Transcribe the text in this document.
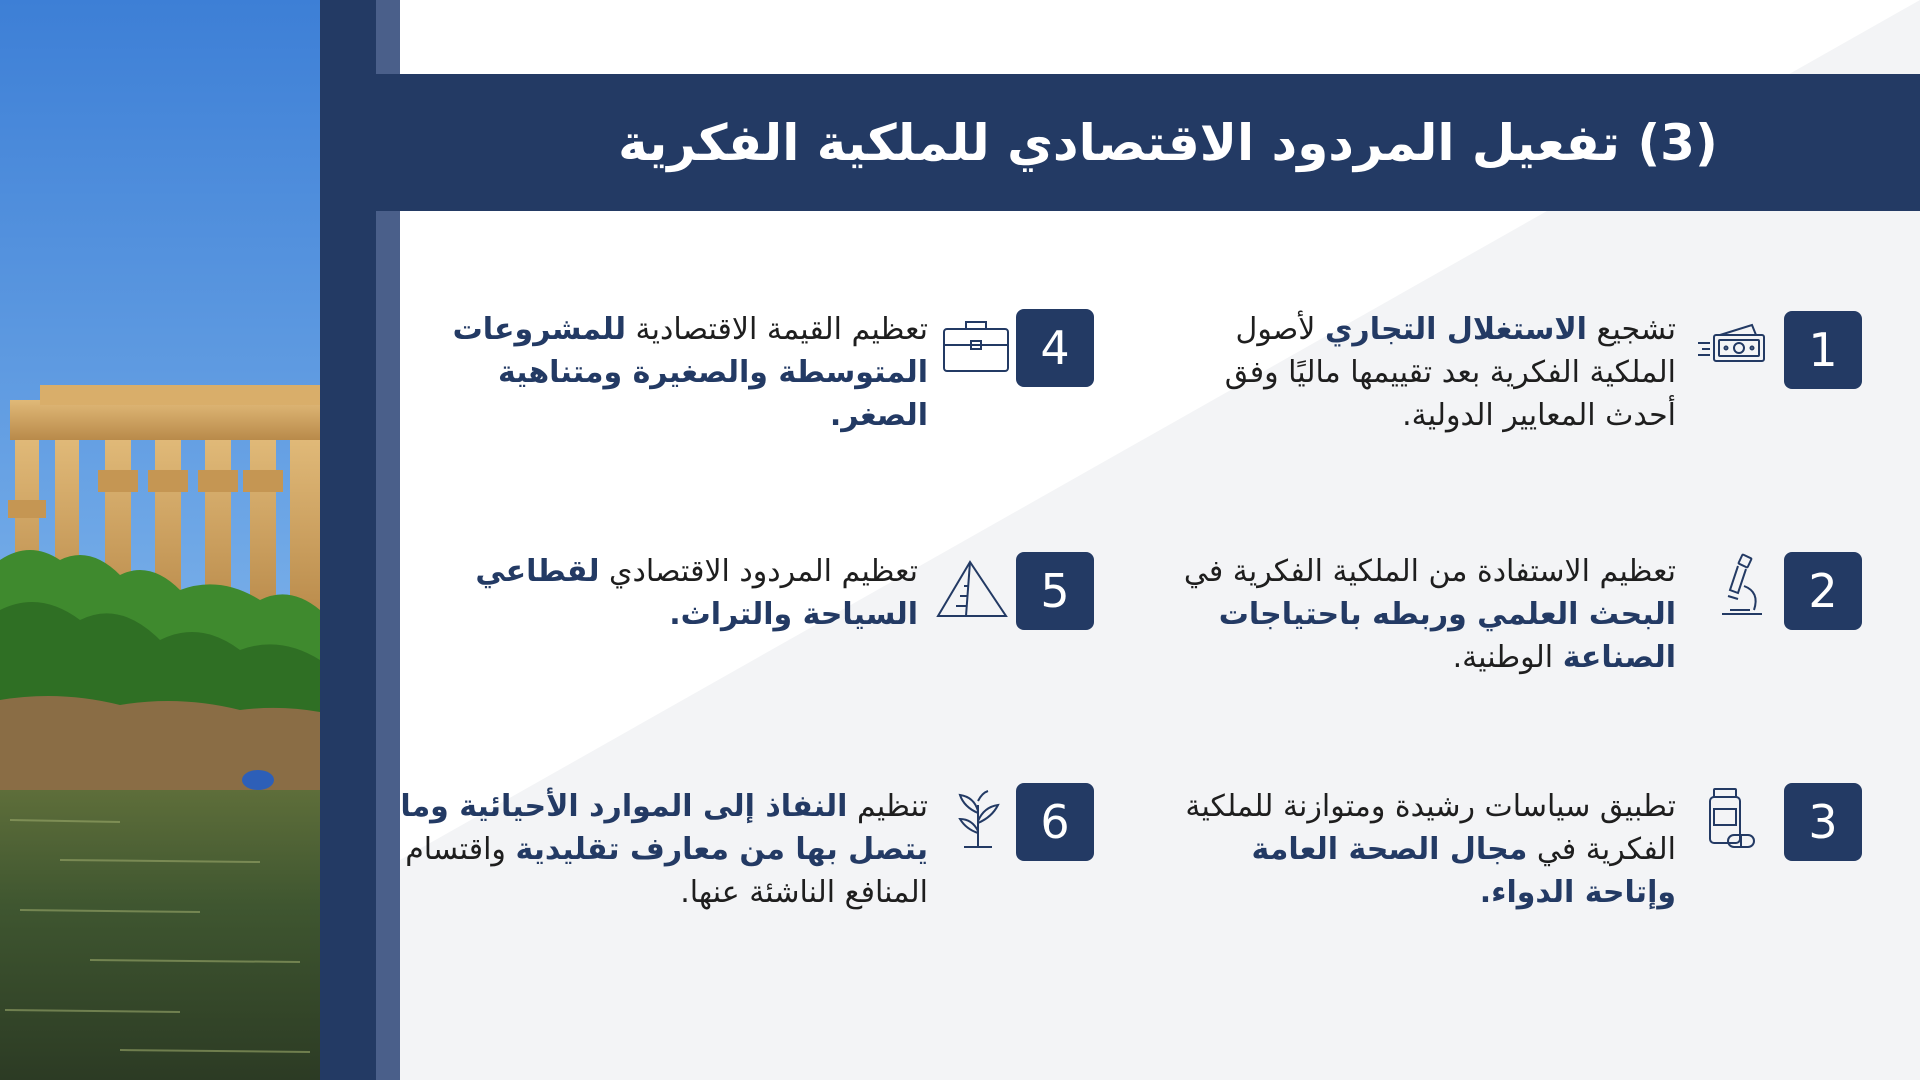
(3) تفعيل المردود الاقتصادي للملكية الفكرية
1
تشجيع الاستغلال التجاري لأصول الملكية الفكرية بعد تقييمها ماليًا وفق أحدث المعايير الدولية.
2
تعظيم الاستفادة من الملكية الفكرية في البحث العلمي وربطه باحتياجات الصناعة الوطنية.
3
تطبيق سياسات رشيدة ومتوازنة للملكية الفكرية في مجال الصحة العامة وإتاحة الدواء.
4
تعظيم القيمة الاقتصادية للمشروعات المتوسطة والصغيرة ومتناهية الصغر.
5
تعظيم المردود الاقتصادي لقطاعي السياحة والتراث.
6
تنظيم النفاذ إلى الموارد الأحيائية وما يتصل بها من معارف تقليدية واقتسام المنافع الناشئة عنها.
